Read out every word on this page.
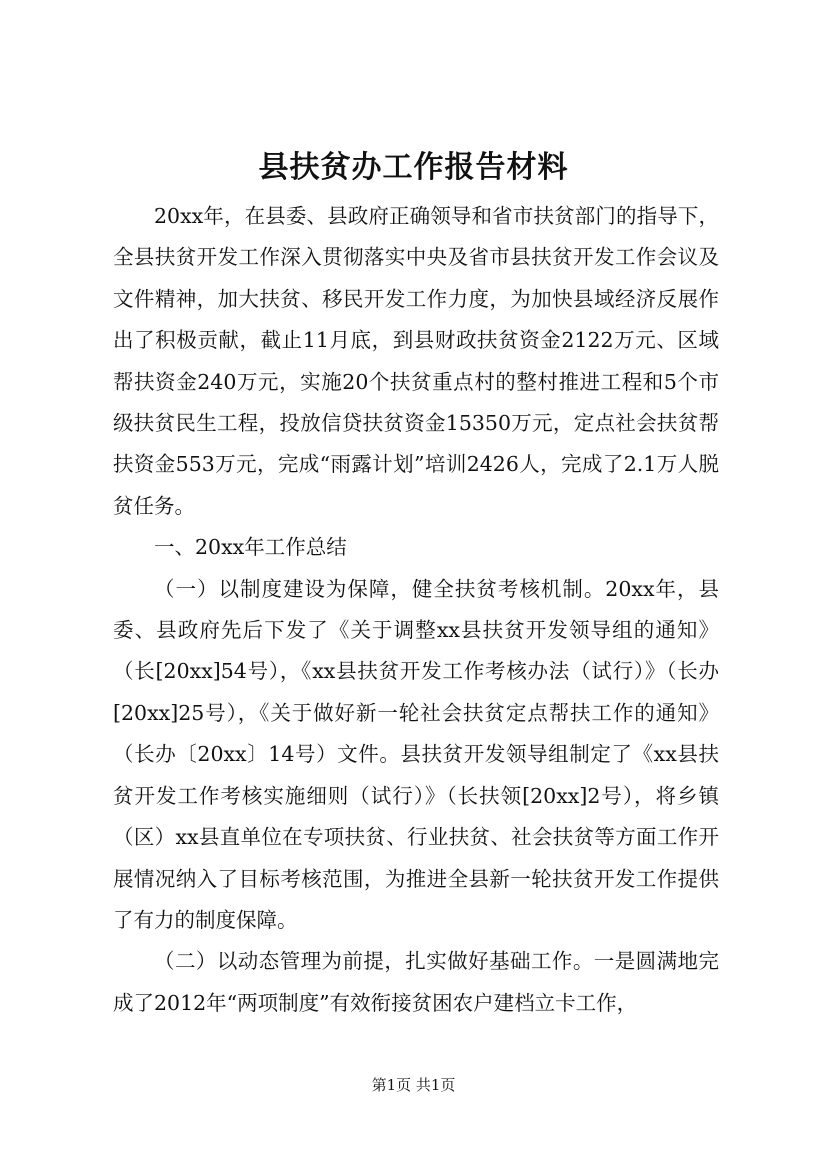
县扶贫办工作报告材料

20xx年，在县委、县政府正确领导和省市扶贫部门的指导下，全县扶贫开发工作深入贯彻落实中央及省市县扶贫开发工作会议及文件精神，加大扶贫、移民开发工作力度，为加快县域经济反展作出了积极贡献，截止11月底，到县财政扶贫资金2122万元、区域帮扶资金240万元，实施20个扶贫重点村的整村推进工程和5个市级扶贫民生工程，投放信贷扶贫资金15350万元，定点社会扶贫帮扶资金553万元，完成“雨露计划”培训2426人，完成了2.1万人脱贫任务。

一、20xx年工作总结

（一）以制度建设为保障，健全扶贫考核机制。20xx年，县委、县政府先后下发了《关于调整xx县扶贫开发领导组的通知》（长[20xx]54号），《xx县扶贫开发工作考核办法（试行）》（长办[20xx]25号），《关于做好新一轮社会扶贫定点帮扶工作的通知》（长办〔20xx〕14号）文件。县扶贫开发领导组制定了《xx县扶贫开发工作考核实施细则（试行）》（长扶领[20xx]2号），将乡镇（区）xx县直单位在专项扶贫、行业扶贫、社会扶贫等方面工作开展情况纳入了目标考核范围，为推进全县新一轮扶贫开发工作提供了有力的制度保障。

（二）以动态管理为前提，扎实做好基础工作。一是圆满地完成了2012年“两项制度”有效衔接贫困农户建档立卡工作，

第1页 共1页
